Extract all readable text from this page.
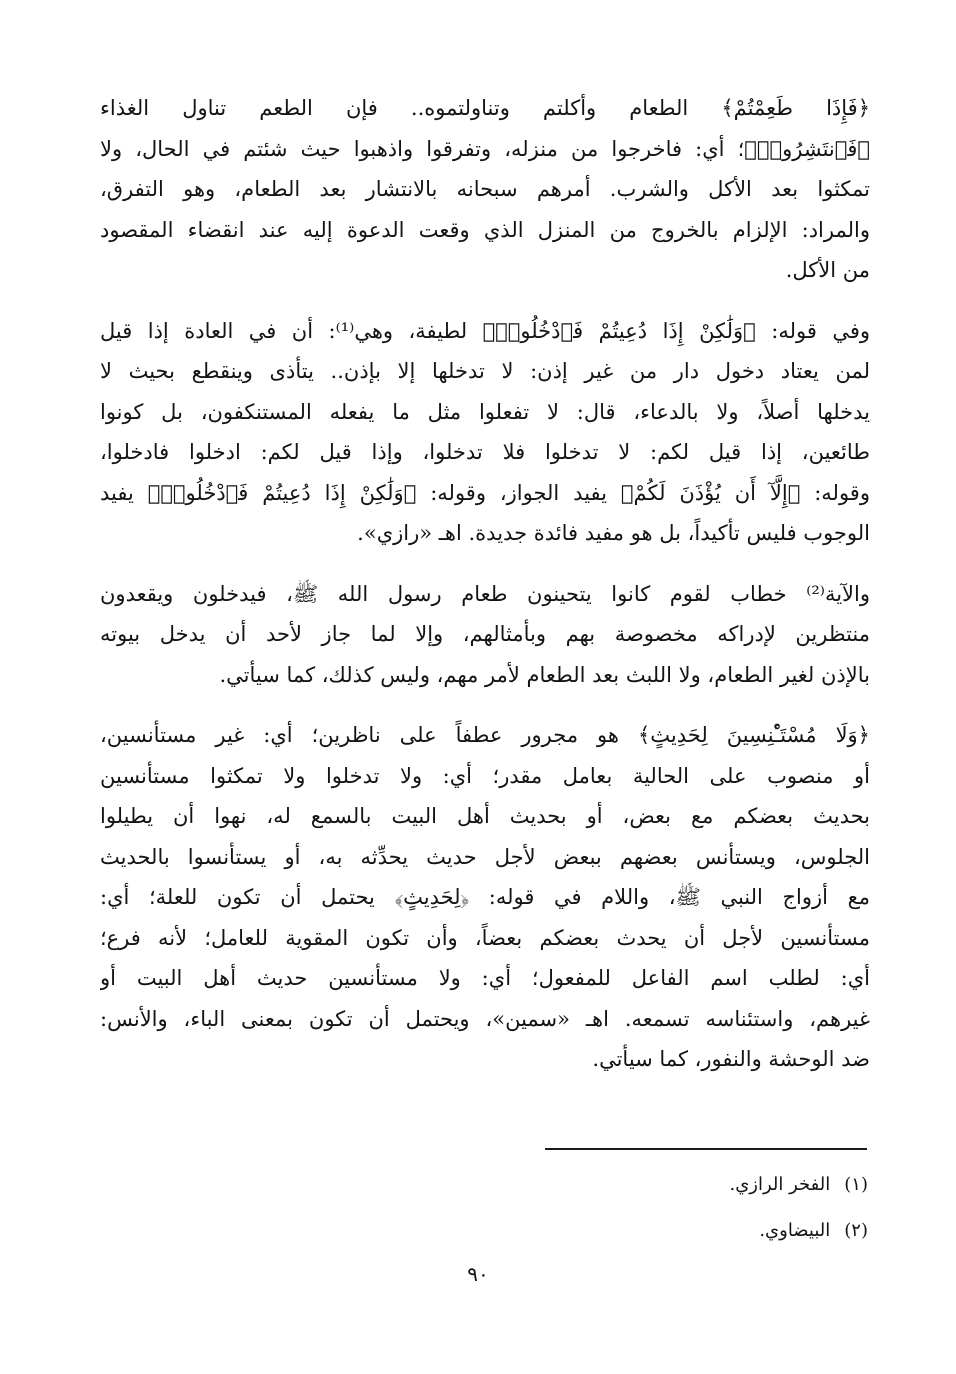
﴿فَإِذَا طَعِمْتُمْ﴾ الطعام وأكلتم وتناولتموه.. فإن الطعم تناول الغذاء
﴿فَٱنتَشِرُوا۟﴾؛ أي: فاخرجوا من منزله، وتفرقوا واذهبوا حيث شئتم في الحال، ولا
تمكثوا بعد الأكل والشرب. أمرهم سبحانه بالانتشار بعد الطعام، وهو التفرق،
والمراد: الإلزام بالخروج من المنزل الذي وقعت الدعوة إليه عند انقضاء المقصود
من الأكل.

وفي قوله: ﴿وَلَٰكِنْ إِذَا دُعِيتُمْ فَٱدْخُلُوا۟﴾ لطيفة، وهي⁽¹⁾: أن في العادة إذا قيل
لمن يعتاد دخول دار من غير إذن: لا تدخلها إلا بإذن.. يتأذى وينقطع بحيث لا
يدخلها أصلاً، ولا بالدعاء، قال: لا تفعلوا مثل ما يفعله المستنكفون، بل كونوا
طائعين، إذا قيل لكم: لا تدخلوا فلا تدخلوا، وإذا قيل لكم: ادخلوا فادخلوا،
وقوله: ﴿إِلَّآ أَن يُؤْذَنَ لَكُمْ﴾ يفيد الجواز، وقوله: ﴿وَلَٰكِنْ إِذَا دُعِيتُمْ فَٱدْخُلُوا۟﴾ يفيد
الوجوب فليس تأكيداً، بل هو مفيد فائدة جديدة. اهـ «رازي».

والآية⁽²⁾ خطاب لقوم كانوا يتحينون طعام رسول الله ﷺ، فيدخلون ويقعدون
منتظرين لإدراكه مخصوصة بهم وبأمثالهم، وإلا لما جاز لأحد أن يدخل بيوته
بالإذن لغير الطعام، ولا اللبث بعد الطعام لأمر مهم، وليس كذلك، كما سيأتي.

﴿وَلَا مُسْتَـْٔنِسِينَ لِحَدِيثٍ﴾ هو مجرور عطفاً على ناظرين؛ أي: غير مستأنسين،
أو منصوب على الحالية بعامل مقدر؛ أي: ولا تدخلوا ولا تمكثوا مستأنسين
بحديث بعضكم مع بعض، أو بحديث أهل البيت بالسمع له، نهوا أن يطيلوا
الجلوس، ويستأنس بعضهم ببعض لأجل حديث يحدِّثه به، أو يستأنسوا بالحديث
مع أزواج النبي ﷺ، واللام في قوله: ﴿لِحَدِيثٍ﴾ يحتمل أن تكون للعلة؛ أي:
مستأنسين لأجل أن يحدث بعضكم بعضاً، وأن تكون المقوية للعامل؛ لأنه فرع؛
أي: لطلب اسم الفاعل للمفعول؛ أي: ولا مستأنسين حديث أهل البيت أو
غيرهم، واستئناسه تسمعه. اهـ «سمين»، ويحتمل أن تكون بمعنى الباء، والأنس:
ضد الوحشة والنفور، كما سيأتي.

(١)الفخر الرازي.
(٢)البيضاوي.
٩٠
